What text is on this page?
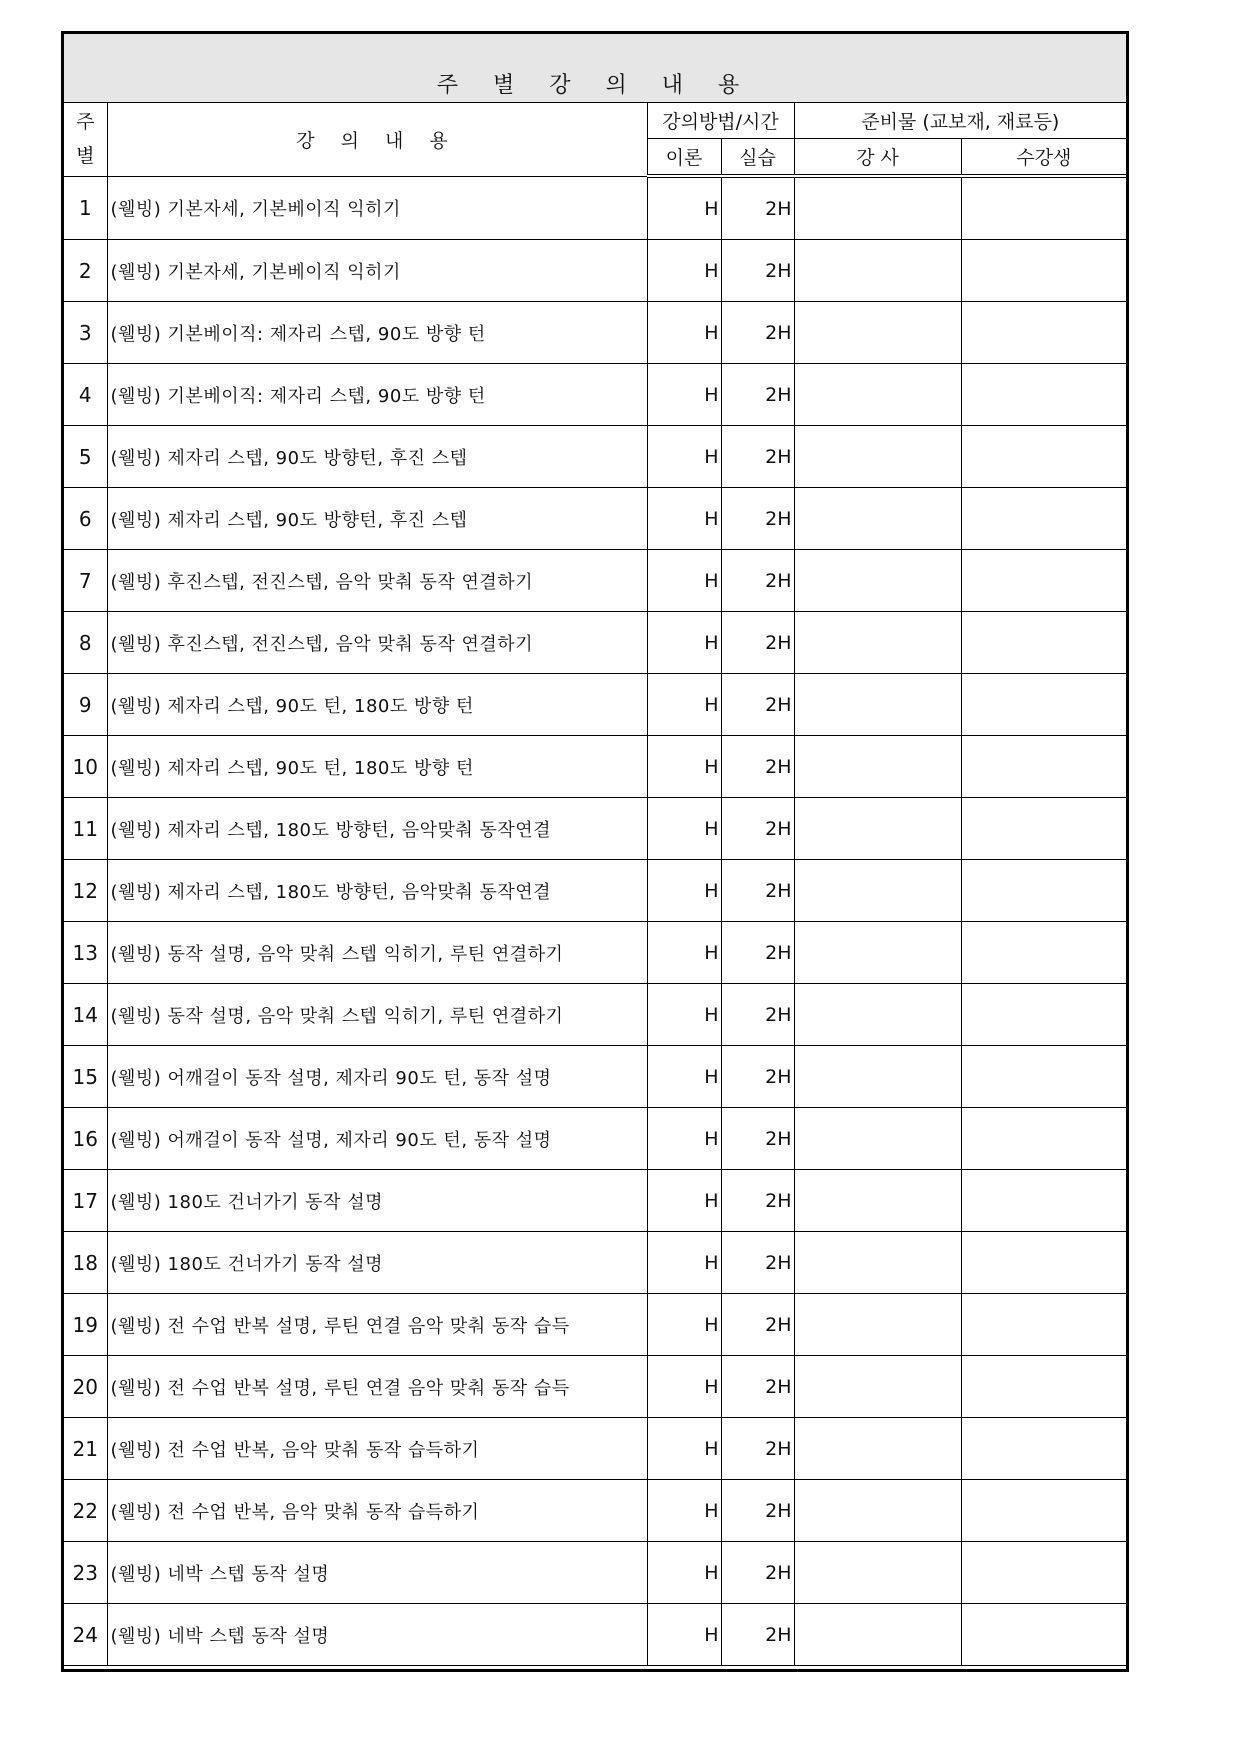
주 별 강 의 내 용					
주
별	강 의 내 용	강의방법/시간		준비물 (교보재, 재료등)	
		이론	실습	강 사	수강생
1	(웰빙) 기본자세, 기본베이직 익히기	H	2H		
2	(웰빙) 기본자세, 기본베이직 익히기	H	2H		
3	(웰빙) 기본베이직: 제자리 스텝, 90도 방향 턴	H	2H		
4	(웰빙) 기본베이직: 제자리 스텝, 90도 방향 턴	H	2H		
5	(웰빙) 제자리 스텝, 90도 방향턴, 후진 스텝	H	2H		
6	(웰빙) 제자리 스텝, 90도 방향턴, 후진 스텝	H	2H		
7	(웰빙) 후진스텝, 전진스텝, 음악 맞춰 동작 연결하기	H	2H		
8	(웰빙) 후진스텝, 전진스텝, 음악 맞춰 동작 연결하기	H	2H		
9	(웰빙) 제자리 스텝, 90도 턴, 180도 방향 턴	H	2H		
10	(웰빙) 제자리 스텝, 90도 턴, 180도 방향 턴	H	2H		
11	(웰빙) 제자리 스텝, 180도 방향턴, 음악맞춰 동작연결	H	2H		
12	(웰빙) 제자리 스텝, 180도 방향턴, 음악맞춰 동작연결	H	2H		
13	(웰빙) 동작 설명, 음악 맞춰 스텝 익히기, 루틴 연결하기	H	2H		
14	(웰빙) 동작 설명, 음악 맞춰 스텝 익히기, 루틴 연결하기	H	2H		
15	(웰빙) 어깨걸이 동작 설명, 제자리 90도 턴, 동작 설명	H	2H		
16	(웰빙) 어깨걸이 동작 설명, 제자리 90도 턴, 동작 설명	H	2H		
17	(웰빙) 180도 건너가기 동작 설명	H	2H		
18	(웰빙) 180도 건너가기 동작 설명	H	2H		
19	(웰빙) 전 수업 반복 설명, 루틴 연결 음악 맞춰 동작 습득	H	2H		
20	(웰빙) 전 수업 반복 설명, 루틴 연결 음악 맞춰 동작 습득	H	2H		
21	(웰빙) 전 수업 반복, 음악 맞춰 동작 습득하기	H	2H		
22	(웰빙) 전 수업 반복, 음악 맞춰 동작 습득하기	H	2H		
23	(웰빙) 네박 스텝 동작 설명	H	2H		
24	(웰빙) 네박 스텝 동작 설명	H	2H		
